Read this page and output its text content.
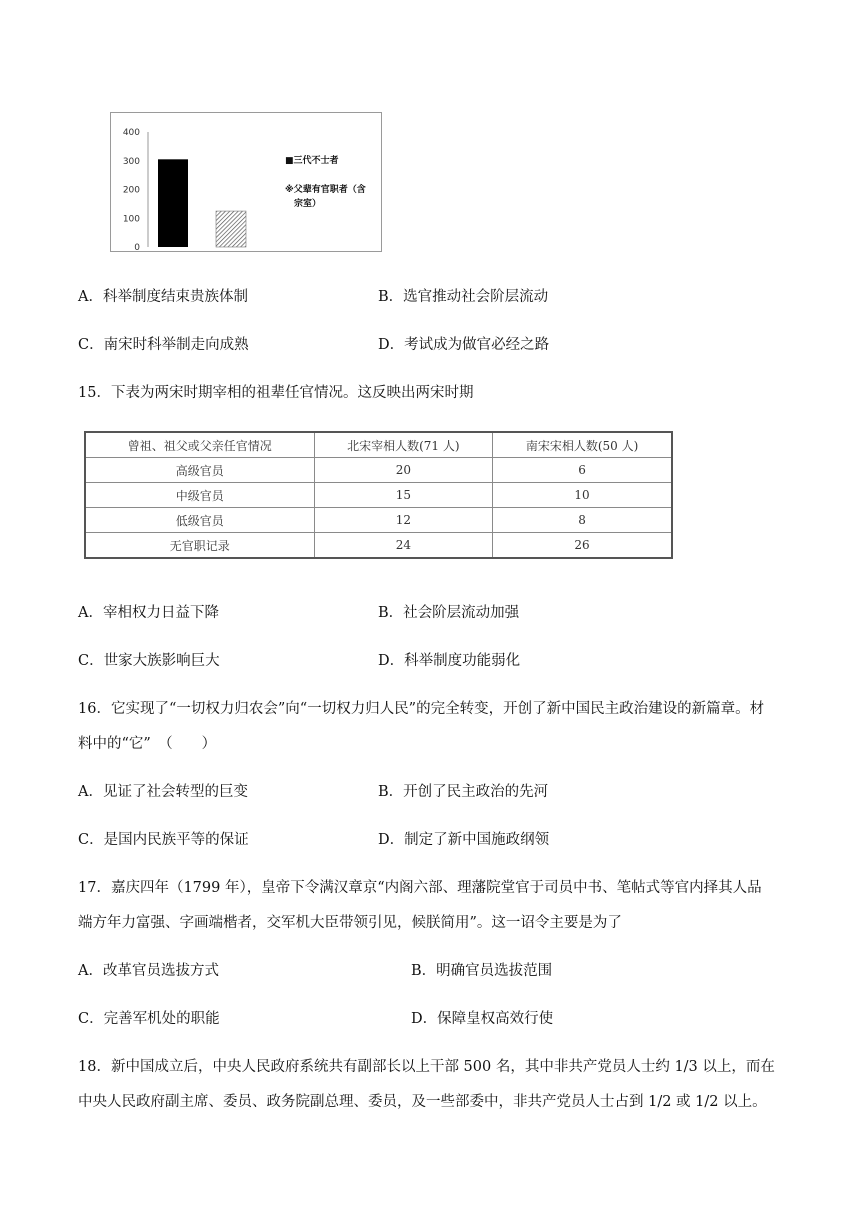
0
100
200
300
400
■三代不士者
※父辈有官职者（含
宗室）
A．科举制度结束贵族体制	B．选官推动社会阶层流动
C．南宋时科举制走向成熟	D．考试成为做官必经之路
15．下表为两宋时期宰相的祖辈任官情况。这反映出两宋时期
曾祖、祖父或父亲任官情况	北宋宰相人数(71 人)	南宋宋相人数(50 人)
高级官员	20	6
中级官员	15	10
低级官员	12	8
无官职记录	24	26
A．宰相权力日益下降	B．社会阶层流动加强
C．世家大族影响巨大	D．科举制度功能弱化
16．它实现了“一切权力归农会”向“一切权力归人民”的完全转变，开创了新中国民主政治建设的新篇章。材
料中的“它”　（　　）
A．见证了社会转型的巨变	B．开创了民主政治的先河
C．是国内民族平等的保证	D．制定了新中国施政纲领
17．嘉庆四年（1799 年），皇帝下令满汉章京“内阁六部、理藩院堂官于司员中书、笔帖式等官内择其人品
端方年力富强、字画端楷者，交军机大臣带领引见，候朕简用”。这一诏令主要是为了
A．改革官员选拔方式	B．明确官员选拔范围
C．完善军机处的职能	D．保障皇权高效行使
18．新中国成立后，中央人民政府系统共有副部长以上干部 500 名，其中非共产党员人士约 1/3 以上，而在
中央人民政府副主席、委员、政务院副总理、委员，及一些部委中，非共产党员人士占到 1/2 或 1/2 以上。
